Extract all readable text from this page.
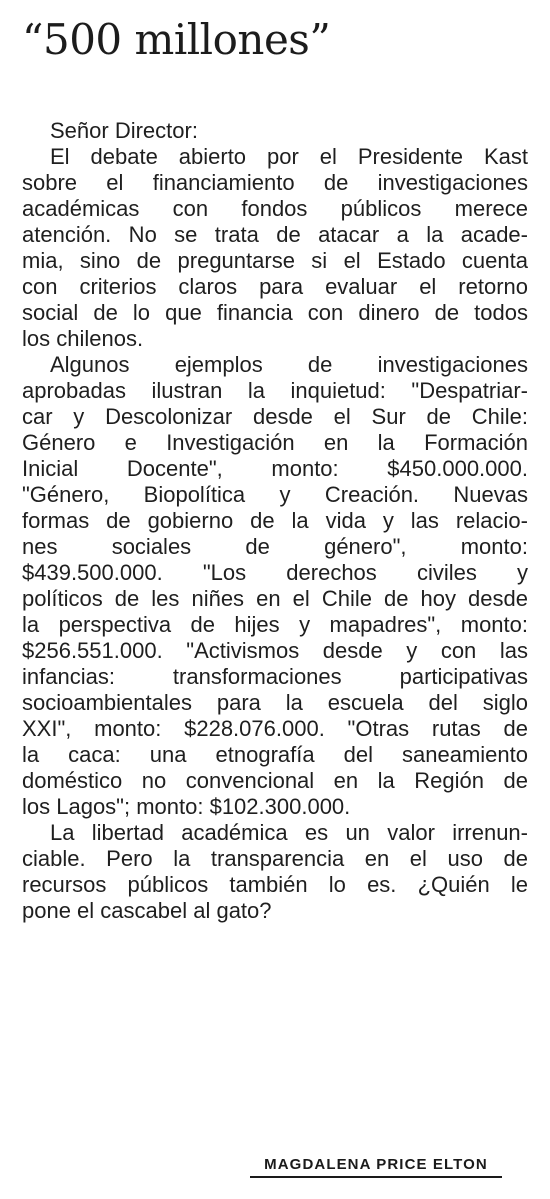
“500 millones”
Señor Director:
El debate abierto por el Presidente Kast
sobre el financiamiento de investigaciones
académicas con fondos públicos merece
atención. No se trata de atacar a la acade-
mia, sino de preguntarse si el Estado cuenta
con criterios claros para evaluar el retorno
social de lo que financia con dinero de todos
los chilenos.
Algunos ejemplos de investigaciones
aprobadas ilustran la inquietud: "Despatriar-
car y Descolonizar desde el Sur de Chile:
Género e Investigación en la Formación
Inicial Docente", monto: $450.000.000.
"Género, Biopolítica y Creación. Nuevas
formas de gobierno de la vida y las relacio-
nes sociales de género", monto:
$439.500.000. "Los derechos civiles y
políticos de les niñes en el Chile de hoy desde
la perspectiva de hijes y mapadres", monto:
$256.551.000. "Activismos desde y con las
infancias: transformaciones participativas
socioambientales para la escuela del siglo
XXI", monto: $228.076.000. "Otras rutas de
la caca: una etnografía del saneamiento
doméstico no convencional en la Región de
los Lagos"; monto: $102.300.000.
La libertad académica es un valor irrenun-
ciable. Pero la transparencia en el uso de
recursos públicos también lo es. ¿Quién le
pone el cascabel al gato?
MAGDALENA PRICE ELTON
